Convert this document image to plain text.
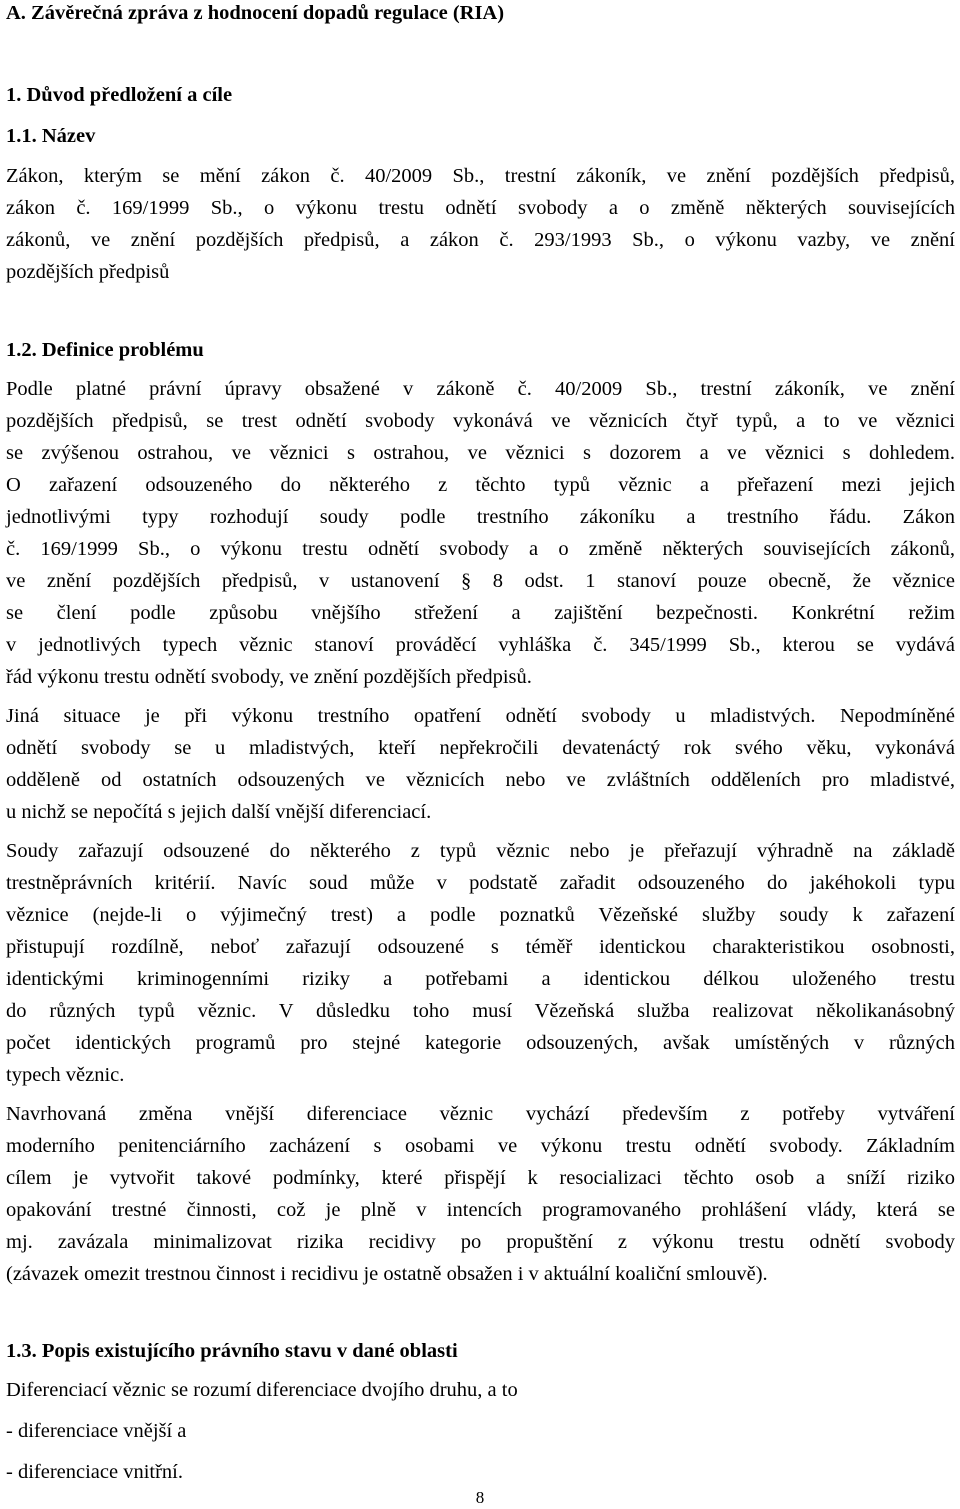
A. Závěrečná zpráva z hodnocení dopadů regulace (RIA)

1. Důvod předložení a cíle

1.1. Název

Zákon, kterým se mění zákon č. 40/2009 Sb., trestní zákoník, ve znění pozdějších předpisů,

zákon č. 169/1999 Sb., o výkonu trestu odnětí svobody a o změně některých souvisejících

zákonů, ve znění pozdějších předpisů, a zákon č. 293/1993 Sb., o výkonu vazby, ve znění

pozdějších předpisů

1.2. Definice problému

Podle platné právní úpravy obsažené v zákoně č. 40/2009 Sb., trestní zákoník, ve znění

pozdějších předpisů, se trest odnětí svobody vykonává ve věznicích čtyř typů, a to ve věznici

se zvýšenou ostrahou, ve věznici s ostrahou, ve věznici s dozorem a ve věznici s dohledem.

O zařazení odsouzeného do některého z těchto typů věznic a přeřazení mezi jejich

jednotlivými typy rozhodují soudy podle trestního zákoníku a trestního řádu. Zákon

č. 169/1999 Sb., o výkonu trestu odnětí svobody a o změně některých souvisejících zákonů,

ve znění pozdějších předpisů, v ustanovení § 8 odst. 1 stanoví pouze obecně, že věznice

se člení podle způsobu vnějšího střežení a zajištění bezpečnosti. Konkrétní režim

v jednotlivých typech věznic stanoví prováděcí vyhláška č. 345/1999 Sb., kterou se vydává

řád výkonu trestu odnětí svobody, ve znění pozdějších předpisů.

Jiná situace je při výkonu trestního opatření odnětí svobody u mladistvých. Nepodmíněné

odnětí svobody se u mladistvých, kteří nepřekročili devatenáctý rok svého věku, vykonává

odděleně od ostatních odsouzených ve věznicích nebo ve zvláštních odděleních pro mladistvé,

u nichž se nepočítá s jejich další vnější diferenciací.

Soudy zařazují odsouzené do některého z typů věznic nebo je přeřazují výhradně na základě

trestněprávních kritérií. Navíc soud může v podstatě zařadit odsouzeného do jakéhokoli typu

věznice (nejde-li o výjimečný trest) a podle poznatků Vězeňské služby soudy k zařazení

přistupují rozdílně, neboť zařazují odsouzené s téměř identickou charakteristikou osobnosti,

identickými kriminogenními riziky a potřebami a identickou délkou uloženého trestu

do různých typů věznic. V důsledku toho musí Vězeňská služba realizovat několikanásobný

počet identických programů pro stejné kategorie odsouzených, avšak umístěných v různých

typech věznic.

Navrhovaná změna vnější diferenciace věznic vychází především z potřeby vytváření

moderního penitenciárního zacházení s osobami ve výkonu trestu odnětí svobody. Základním

cílem je vytvořit takové podmínky, které přispějí k resocializaci těchto osob a sníží riziko

opakování trestné činnosti, což je plně v intencích programovaného prohlášení vlády, která se

mj. zavázala minimalizovat rizika recidivy po propuštění z výkonu trestu odnětí svobody

(závazek omezit trestnou činnost i recidivu je ostatně obsažen i v aktuální koaliční smlouvě).

1.3. Popis existujícího právního stavu v dané oblasti

Diferenciací věznic se rozumí diferenciace dvojího druhu, a to

- diferenciace vnější a

- diferenciace vnitřní.

8
